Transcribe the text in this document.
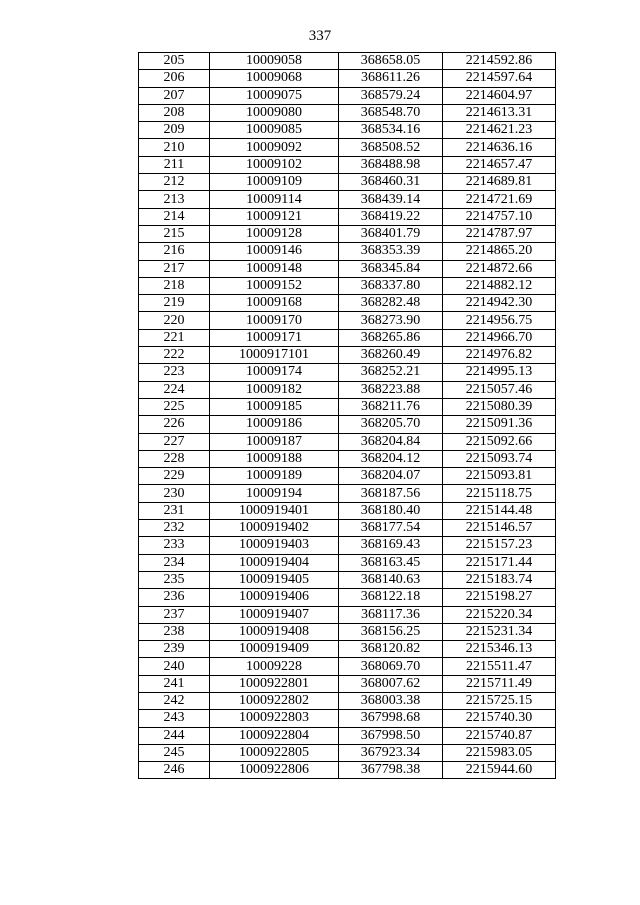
337
205	10009058	368658.05	2214592.86
206	10009068	368611.26	2214597.64
207	10009075	368579.24	2214604.97
208	10009080	368548.70	2214613.31
209	10009085	368534.16	2214621.23
210	10009092	368508.52	2214636.16
211	10009102	368488.98	2214657.47
212	10009109	368460.31	2214689.81
213	10009114	368439.14	2214721.69
214	10009121	368419.22	2214757.10
215	10009128	368401.79	2214787.97
216	10009146	368353.39	2214865.20
217	10009148	368345.84	2214872.66
218	10009152	368337.80	2214882.12
219	10009168	368282.48	2214942.30
220	10009170	368273.90	2214956.75
221	10009171	368265.86	2214966.70
222	1000917101	368260.49	2214976.82
223	10009174	368252.21	2214995.13
224	10009182	368223.88	2215057.46
225	10009185	368211.76	2215080.39
226	10009186	368205.70	2215091.36
227	10009187	368204.84	2215092.66
228	10009188	368204.12	2215093.74
229	10009189	368204.07	2215093.81
230	10009194	368187.56	2215118.75
231	1000919401	368180.40	2215144.48
232	1000919402	368177.54	2215146.57
233	1000919403	368169.43	2215157.23
234	1000919404	368163.45	2215171.44
235	1000919405	368140.63	2215183.74
236	1000919406	368122.18	2215198.27
237	1000919407	368117.36	2215220.34
238	1000919408	368156.25	2215231.34
239	1000919409	368120.82	2215346.13
240	10009228	368069.70	2215511.47
241	1000922801	368007.62	2215711.49
242	1000922802	368003.38	2215725.15
243	1000922803	367998.68	2215740.30
244	1000922804	367998.50	2215740.87
245	1000922805	367923.34	2215983.05
246	1000922806	367798.38	2215944.60
